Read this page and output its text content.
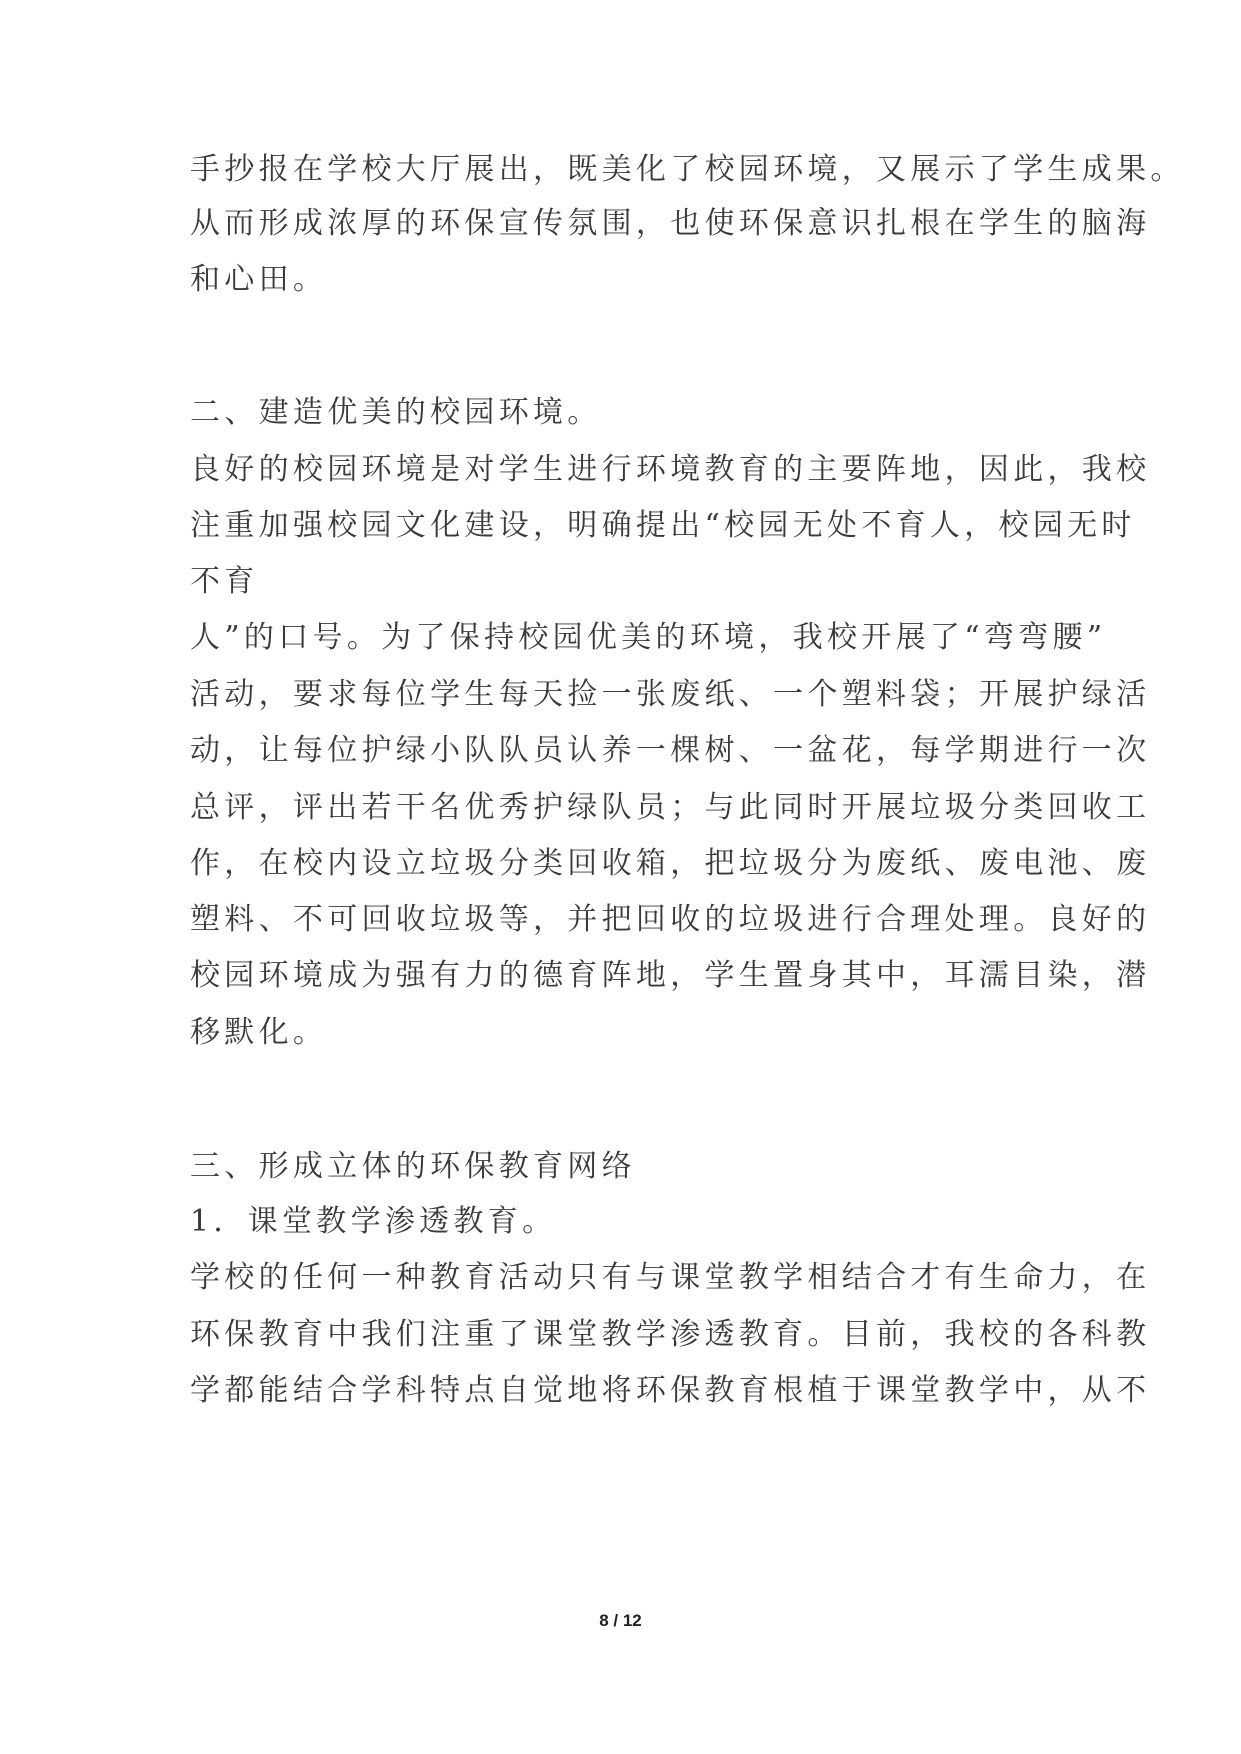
手抄报在学校大厅展出，既美化了校园环境，又展示了学生成果。

从而形成浓厚的环保宣传氛围，也使环保意识扎根在学生的脑海

和心田。

二、建造优美的校园环境。

良好的校园环境是对学生进行环境教育的主要阵地，因此，我校

注重加强校园文化建设，明确提出“校园无处不育人，校园无时

不育

人”的口号。为了保持校园优美的环境，我校开展了“弯弯腰”

活动，要求每位学生每天捡一张废纸、一个塑料袋；开展护绿活

动，让每位护绿小队队员认养一棵树、一盆花，每学期进行一次

总评，评出若干名优秀护绿队员；与此同时开展垃圾分类回收工

作，在校内设立垃圾分类回收箱，把垃圾分为废纸、废电池、废

塑料、不可回收垃圾等，并把回收的垃圾进行合理处理。良好的

校园环境成为强有力的德育阵地，学生置身其中，耳濡目染，潜

移默化。

三、形成立体的环保教育网络

1．课堂教学渗透教育。

学校的任何一种教育活动只有与课堂教学相结合才有生命力，在

环保教育中我们注重了课堂教学渗透教育。目前，我校的各科教

学都能结合学科特点自觉地将环保教育根植于课堂教学中，从不

8 / 12
